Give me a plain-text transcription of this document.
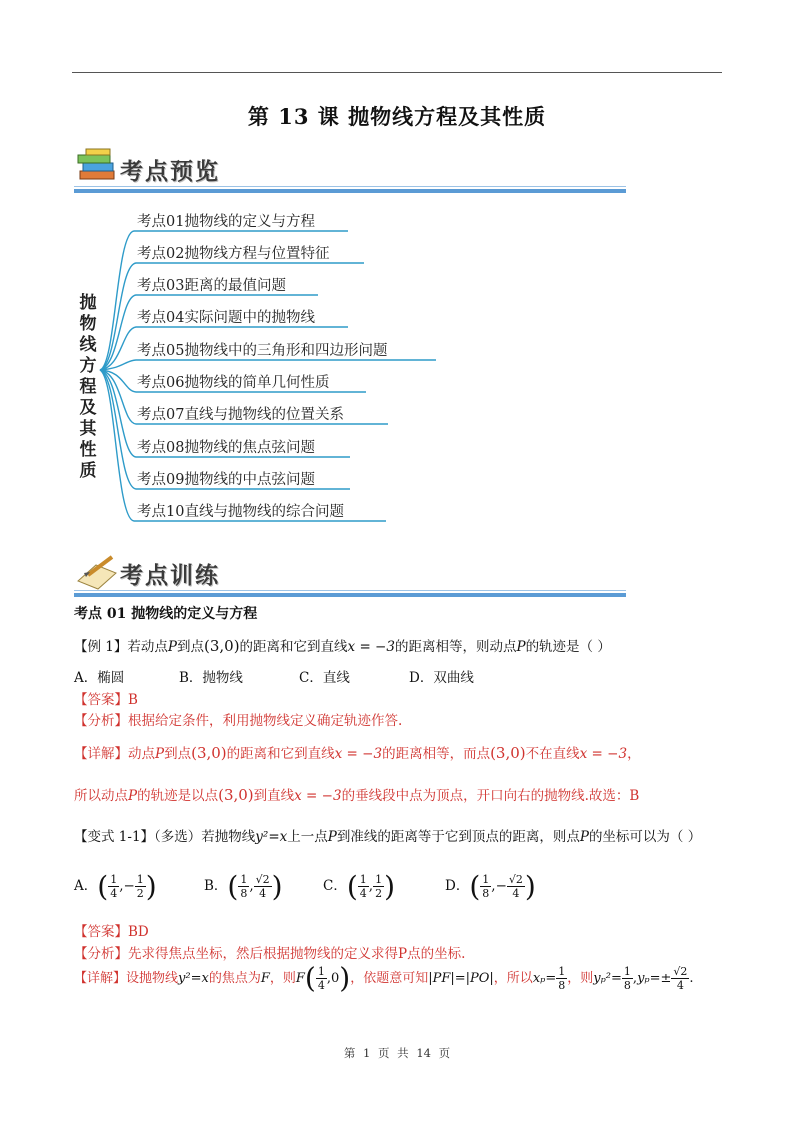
第 13 课 抛物线方程及其性质
考点预览
抛物线方程及其性质
考点01抛物线的定义与方程
考点02抛物线方程与位置特征
考点03距离的最值问题
考点04实际问题中的抛物线
考点05抛物线中的三角形和四边形问题
考点06抛物线的简单几何性质
考点07直线与抛物线的位置关系
考点08抛物线的焦点弦问题
考点09抛物线的中点弦问题
考点10直线与抛物线的综合问题
考点训练
考点 01 抛物线的定义与方程
【例 1】若动点P到点(3,0)的距离和它到直线x = −3的距离相等，则动点P的轨迹是（ ）
A．椭圆	B．抛物线	C．直线	D．双曲线
【答案】B
【分析】根据给定条件，利用抛物线定义确定轨迹作答.
【详解】动点P到点(3,0)的距离和它到直线x = −3的距离相等，而点(3,0)不在直线x = −3，
所以动点P的轨迹是以点(3,0)到直线x = −3的垂线段中点为顶点，开口向右的抛物线.故选：B
【变式 1-1】（多选）若抛物线y²=x上一点P到准线的距离等于它到顶点的距离，则点P的坐标可以为（ ）
A．( $\frac{1}{4}$ ,− $\frac{1}{2}$ )	B．( $\frac{1}{8}$ , $\frac{√2}{4}$ )	C．( $\frac{1}{4}$ , $\frac{1}{2}$ )	D．( $\frac{1}{8}$ ,− $\frac{√2}{4}$ )
【答案】BD
【分析】先求得焦点坐标，然后根据抛物线的定义求得P点的坐标.
【详解】设抛物线y²=x的焦点为F，则$F( \frac{1}{4} ,0)$，依题意可知|PF|=|PO|，所以$x_p= \frac{1}{8}$ ，则$y_p^2= \frac{1}{8} ,y_p=\pm \frac{√2}{4}$ .
第 1 页 共 14 页
